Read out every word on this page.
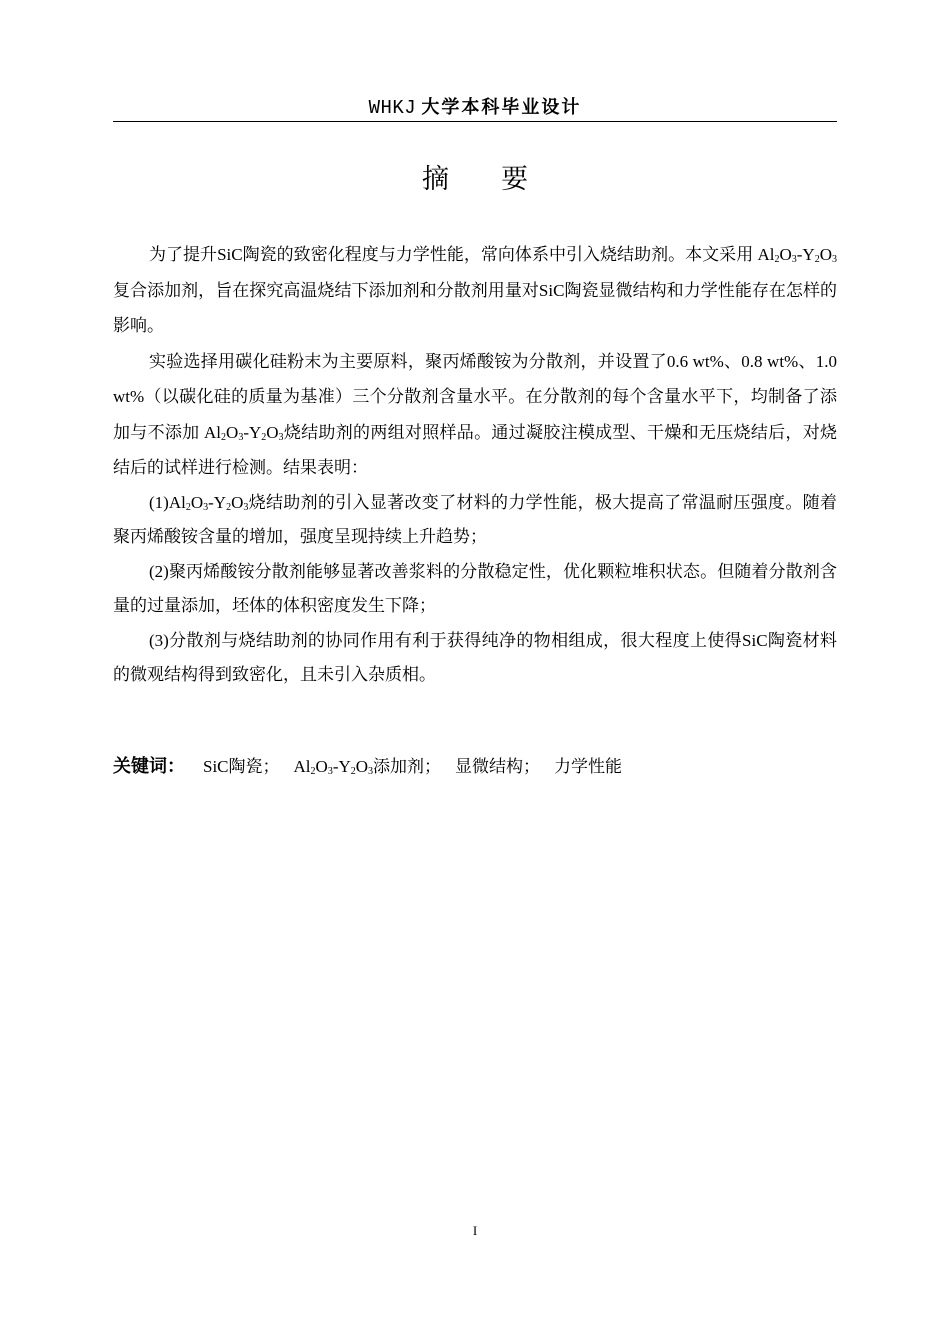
WHKJ 大学本科毕业设计
摘要

为了提升SiC陶瓷的致密化程度与力学性能，常向体系中引入烧结助剂。本文采用 $Al_2O_3-Y_2O_3$复合添加剂，旨在探究高温烧结下添加剂和分散剂用量对SiC陶瓷显微结构和力学性能存在怎样的影响。

实验选择用碳化硅粉末为主要原料，聚丙烯酸铵为分散剂，并设置了0.6 wt%、0.8 wt%、1.0 wt%（以碳化硅的质量为基准）三个分散剂含量水平。在分散剂的每个含量水平下，均制备了添加与不添加 $Al_2O_3-Y_2O_3$烧结助剂的两组对照样品。通过凝胶注模成型、干燥和无压烧结后，对烧结后的试样进行检测。结果表明：

$(1)Al_2O_3-Y_2O_3$烧结助剂的引入显著改变了材料的力学性能，极大提高了常温耐压强度。随着聚丙烯酸铵含量的增加，强度呈现持续上升趋势；

(2)聚丙烯酸铵分散剂能够显著改善浆料的分散稳定性，优化颗粒堆积状态。但随着分散剂含量的过量添加，坯体的体积密度发生下降；

(3)分散剂与烧结助剂的协同作用有利于获得纯净的物相组成，很大程度上使得SiC陶瓷材料的微观结构得到致密化，且未引入杂质相。

关键词： SiC陶瓷； $Al_2O_3-Y_2O_3$添加剂； 显微结构； 力学性能
I
